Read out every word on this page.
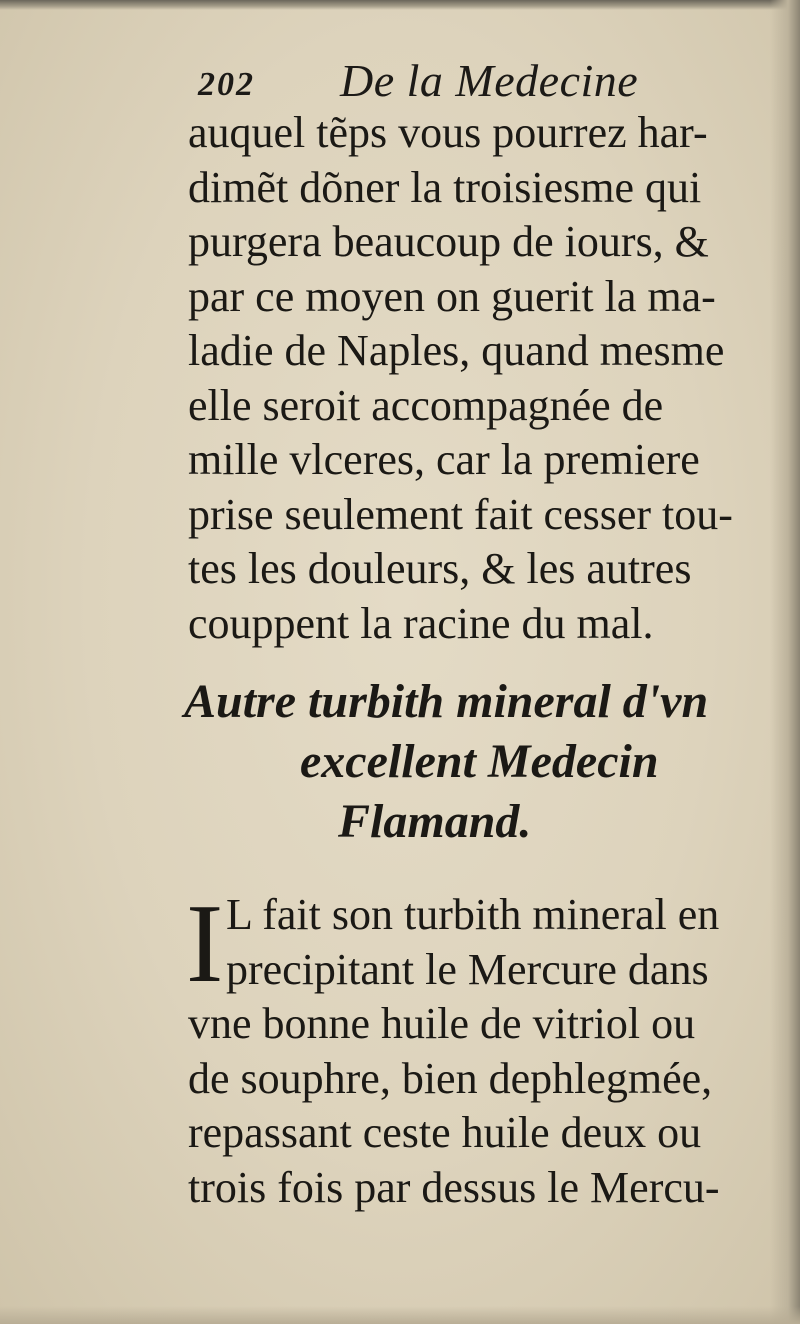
202 De la Medecine
auquel tẽps vous pourrez har-
dimẽt dõner la troisiesme qui
purgera beaucoup de iours, &
par ce moyen on guerit la ma-
ladie de Naples, quand mesme
elle seroit accompagnée de
mille vlceres, car la premiere
prise seulement fait cesser tou-
tes les douleurs, & les autres
couppent la racine du mal.
Autre turbith mineral d'vn
excellent Medecin
Flamand.
I L fait son turbith mineral en
precipitant le Mercure dans
vne bonne huile de vitriol ou
de souphre, bien dephlegmée,
repassant ceste huile deux ou
trois fois par dessus le Mercu-
